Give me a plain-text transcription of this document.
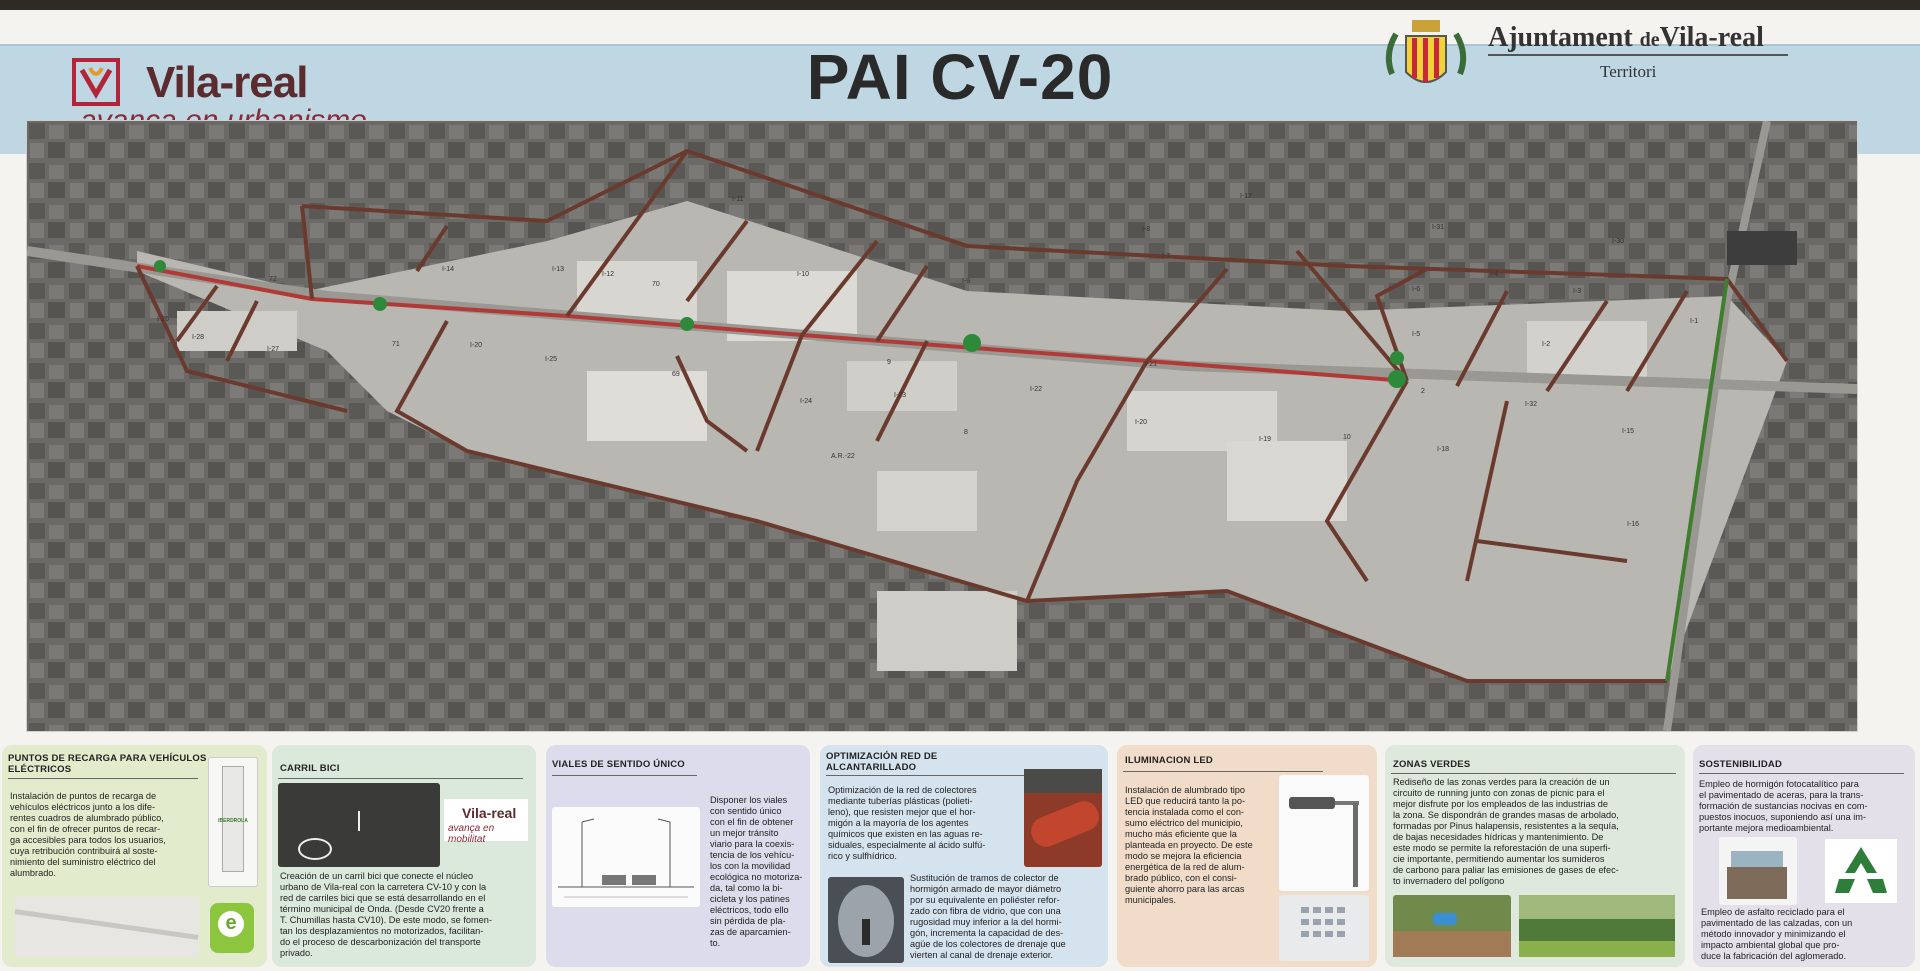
Vila-real	PAI CV-20
Ajuntament deVila-real
Territori
I-26
I-28
I-27
72
71
I-14	I-13
I-12
70
I-11
I-10
I-9
I-8
I-7
I-6
I-31
I-30
I-4
I-3
I-2
I-1
I-5
I-20
I-25
69
I-24
A.R.-22
9
I-23
I-22
8
I-21
I-20
I-19	10
I-18
2
I-17
I-16
I-15
I-32
PUNTOS DE RECARGA PARA VEHÍCULOS ELÉCTRICOS
Instalación de puntos de recarga de
vehículos eléctricos junto a los dife-
rentes cuadros de alumbrado público,
con el fin de ofrecer puntos de recar-
ga accesibles para todos los usuarios,
cuya retribución contribuirá al soste-
nimiento del suministro eléctrico del
alumbrado.
IBERDROLA
e
CARRIL BICI
Vila-real
avança en mobilitat
Creación de un carril bici que conecte el núcleo
urbano de Vila-real con la carretera CV-10 y con la
red de carriles bici que se está desarrollando en el
término municipal de Onda. (Desde CV20 frente a
T. Chumillas hasta CV10). De este modo, se fomen-
tan los desplazamientos no motorizados, facilitan-
do el proceso de descarbonización del transporte
privado.
VIALES DE SENTIDO ÚNICO
Disponer los viales
con sentido único
con el fin de obtener
un mejor tránsito
viario para la coexis-
tencia de los vehícu-
los con la movilidad
ecológica no motoriza-
da, tal como la bi-
cicleta y los patines
eléctricos, todo ello
sin pérdida de pla-
zas de aparcamien-
to.
OPTIMIZACIÓN RED DE
ALCANTARILLADO
Optimización de la red de colectores
mediante tuberías plásticas (polieti-
leno), que resisten mejor que el hor-
migón a la mayoría de los agentes
químicos que existen en las aguas re-
siduales, especialmente al ácido sulfú-
rico y sulfhídrico.
Sustitución de tramos de colector de
hormigón armado de mayor diámetro
por su equivalente en poliéster refor-
zado con fibra de vidrio, que con una
rugosidad muy inferior a la del hormi-
gón, incrementa la capacidad de des-
agüe de los colectores de drenaje que
vierten al canal de drenaje exterior.
ILUMINACION LED
Instalación de alumbrado tipo
LED que reducirá tanto la po-
tencia instalada como el con-
sumo eléctrico del municipio,
mucho más eficiente que la
planteada en proyecto. De este
modo se mejora la eficiencia
energética de la red de alum-
brado público, con el consi-
guiente ahorro para las arcas
municipales.
ZONAS VERDES
Rediseño de las zonas verdes para la creación de un
circuito de running junto con zonas de picnic para el
mejor disfrute por los empleados de las industrias de
la zona. Se dispondrán de grandes masas de arbolado,
formadas por Pinus halapensis, resistentes a la sequía,
de bajas necesidades hídricas y mantenimiento. De
este modo se permite la reforestación de una superfi-
cie importante, permitiendo aumentar los sumideros
de carbono para paliar las emisiones de gases de efec-
to invernadero del polígono
SOSTENIBILIDAD
Empleo de hormigón fotocatalítico para
el pavimentado de aceras, para la trans-
formación de sustancias nocivas en com-
puestos inocuos, suponiendo así una im-
portante mejora medioambiental.
Empleo de asfalto reciclado para el
pavimentado de las calzadas, con un
método innovador y minimizando el
impacto ambiental global que pro-
duce la fabricación del aglomerado.
